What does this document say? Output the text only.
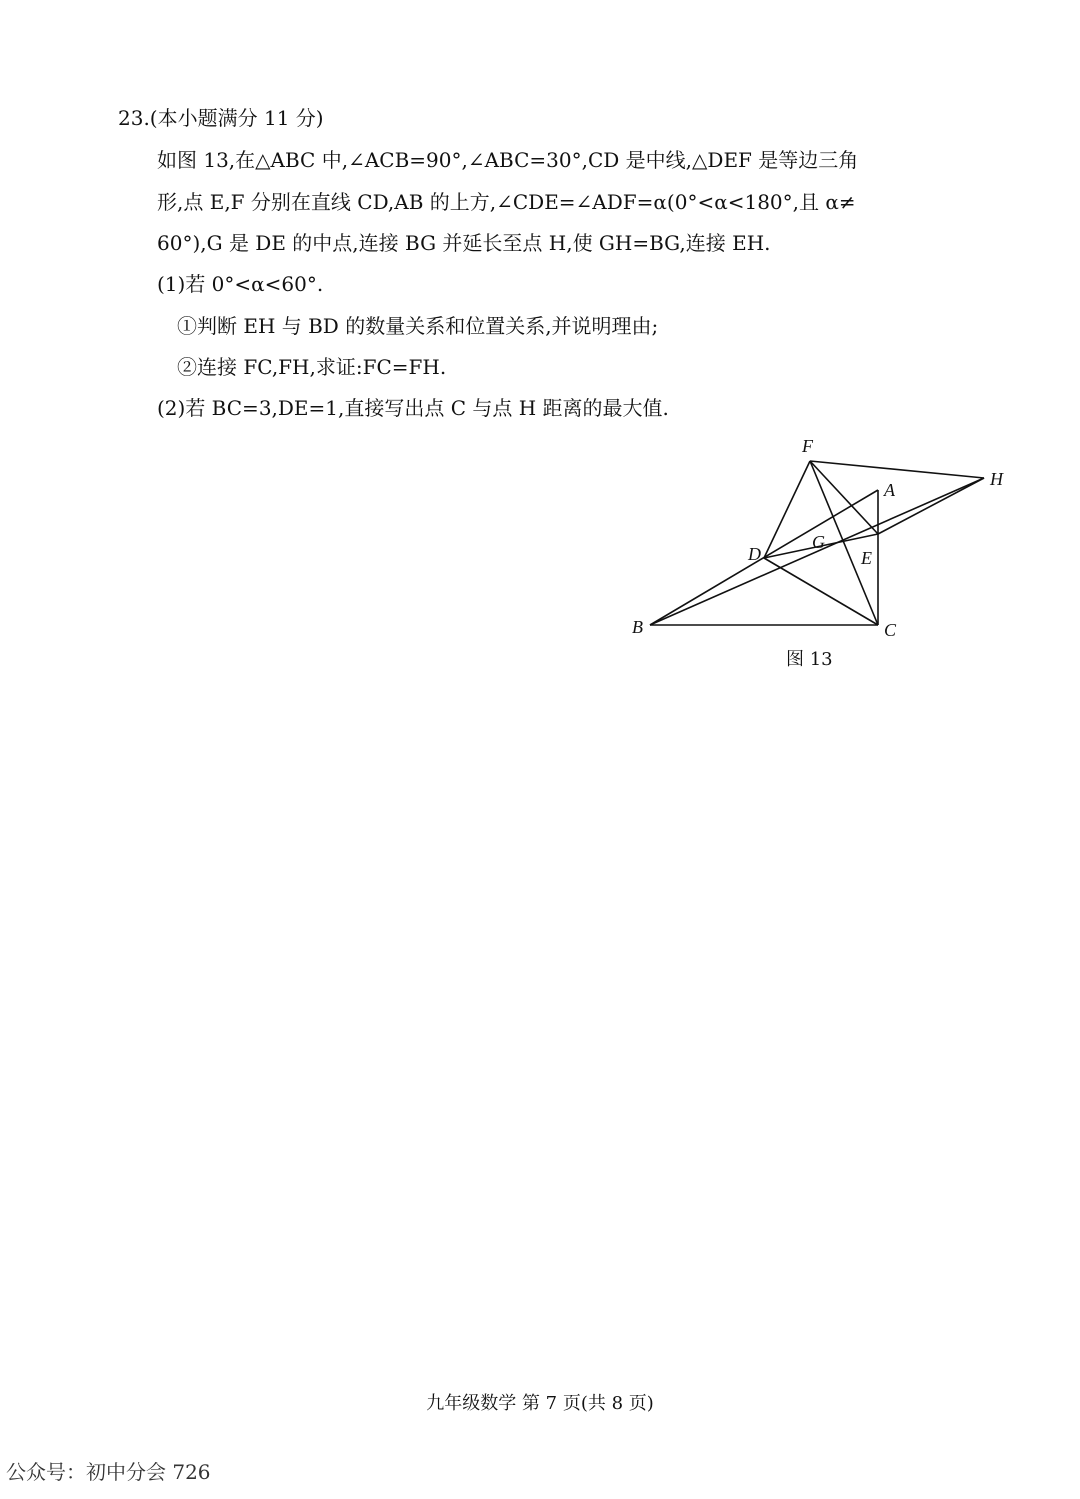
23.(本小题满分 11 分)
如图 13,在△ABC 中,∠ACB=90°,∠ABC=30°,CD 是中线,△DEF 是等边三角
形,点 E,F 分别在直线 CD,AB 的上方,∠CDE=∠ADF=α(0°<α<180°,且 α≠
60°),G 是 DE 的中点,连接 BG 并延长至点 H,使 GH=BG,连接 EH.
(1)若 0°<α<60°.
①判断 EH 与 BD 的数量关系和位置关系,并说明理由;
②连接 FC,FH,求证:FC=FH.
(2)若 BC=3,DE=1,直接写出点 C 与点 H 距离的最大值.
F
H
A
D
G
E
B	C
图 13
九年级数学 第 7 页(共 8 页)
公众号：初中分会 726
